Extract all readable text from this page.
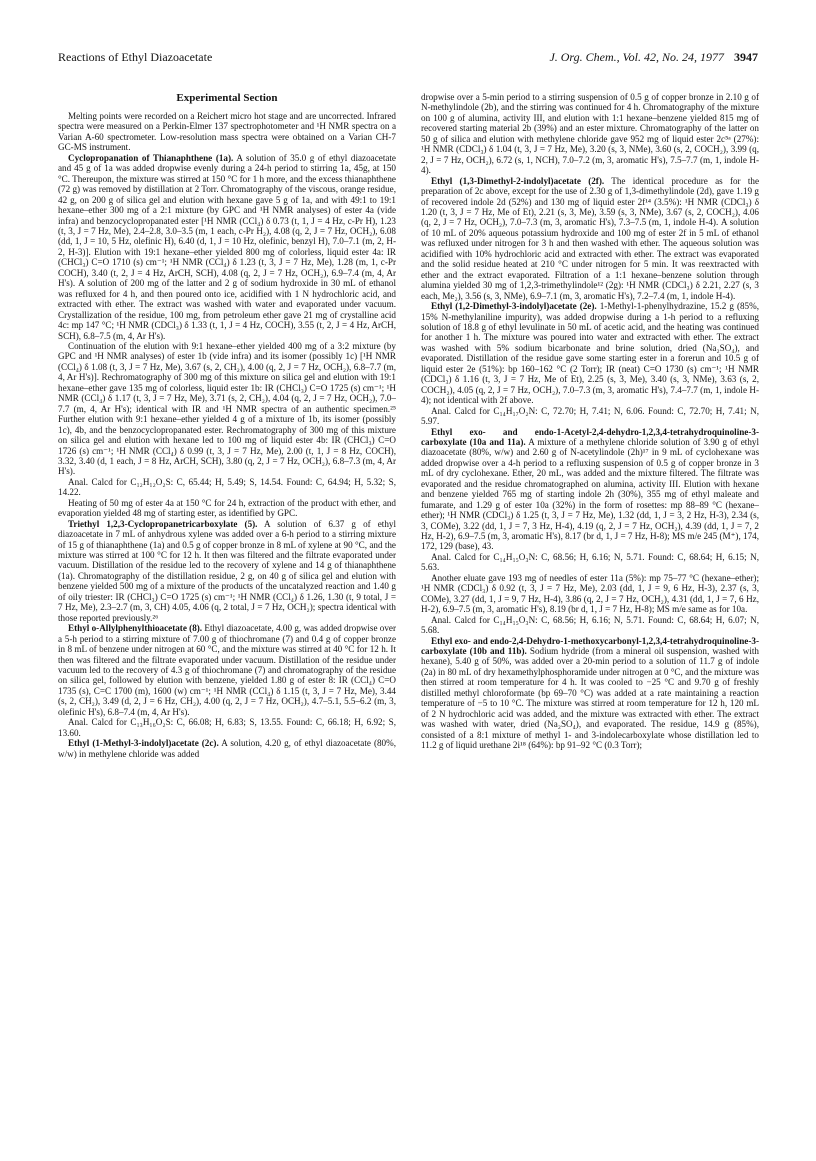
Reactions of Ethyl Diazoacetate	J. Org. Chem., Vol. 42, No. 24, 1977 3947
Experimental Section

Melting points were recorded on a Reichert micro hot stage and are uncorrected. Infrared spectra were measured on a Perkin-Elmer 137 spectrophotometer and ¹H NMR spectra on a Varian A-60 spectrometer. Low-resolution mass spectra were obtained on a Varian CH-7 GC-MS instrument.

Cyclopropanation of Thianaphthene (1a). A solution of 35.0 g of ethyl diazoacetate and 45 g of 1a was added dropwise evenly during a 24-h period to stirring 1a, 45g, at 150 °C. Thereupon, the mixture was stirred at 150 °C for 1 h more, and the excess thianaphthene (72 g) was removed by distillation at 2 Torr. Chromatography of the viscous, orange residue, 42 g, on 200 g of silica gel and elution with hexane gave 5 g of 1a, and with 49:1 to 19:1 hexane–ether 300 mg of a 2:1 mixture (by GPC and ¹H NMR analyses) of ester 4a (vide infra) and benzocyclopropanated ester [¹H NMR (CCl₄) δ 0.73 (t, 1, J = 4 Hz, c-Pr H), 1.23 (t, 3, J = 7 Hz, Me), 2.4–2.8, 3.0–3.5 (m, 1 each, c-Pr H₂), 4.08 (q, 2, J = 7 Hz, OCH₂), 6.08 (dd, 1, J = 10, 5 Hz, olefinic H), 6.40 (d, 1, J = 10 Hz, olefinic, benzyl H), 7.0–7.1 (m, 2, H-2, H-3)]. Elution with 19:1 hexane–ether yielded 800 mg of colorless, liquid ester 4a: IR (CHCl₃) C=O 1710 (s) cm⁻¹; ¹H NMR (CCl₄) δ 1.23 (t, 3, J = 7 Hz, Me), 1.28 (m, 1, c-Pr COCH), 3.40 (t, 2, J = 4 Hz, ArCH, SCH), 4.08 (q, 2, J = 7 Hz, OCH₂), 6.9–7.4 (m, 4, Ar H's). A solution of 200 mg of the latter and 2 g of sodium hydroxide in 30 mL of ethanol was refluxed for 4 h, and then poured onto ice, acidified with 1 N hydrochloric acid, and extracted with ether. The extract was washed with water and evaporated under vacuum. Crystallization of the residue, 100 mg, from petroleum ether gave 21 mg of crystalline acid 4c: mp 147 °C; ¹H NMR (CDCl₃) δ 1.33 (t, 1, J = 4 Hz, COCH), 3.55 (t, 2, J = 4 Hz, ArCH, SCH), 6.8–7.5 (m, 4, Ar H's).

Continuation of the elution with 9:1 hexane–ether yielded 400 mg of a 3:2 mixture (by GPC and ¹H NMR analyses) of ester 1b (vide infra) and its isomer (possibly 1c) [¹H NMR (CCl₄) δ 1.08 (t, 3, J = 7 Hz, Me), 3.67 (s, 2, CH₂), 4.00 (q, 2, J = 7 Hz, OCH₂), 6.8–7.7 (m, 4, Ar H's)]. Rechromatography of 300 mg of this mixture on silica gel and elution with 19:1 hexane–ether gave 135 mg of colorless, liquid ester 1b: IR (CHCl₃) C=O 1725 (s) cm⁻¹; ¹H NMR (CCl₄) δ 1.17 (t, 3, J = 7 Hz, Me), 3.71 (s, 2, CH₂), 4.04 (q, 2, J = 7 Hz, OCH₂), 7.0–7.7 (m, 4, Ar H's); identical with IR and ¹H NMR spectra of an authentic specimen.²⁵ Further elution with 9:1 hexane–ether yielded 4 g of a mixture of 1b, its isomer (possibly 1c), 4b, and the benzocyclopropanated ester. Rechromatography of 300 mg of this mixture on silica gel and elution with hexane led to 100 mg of liquid ester 4b: IR (CHCl₃) C=O 1726 (s) cm⁻¹; ¹H NMR (CCl₄) δ 0.99 (t, 3, J = 7 Hz, Me), 2.00 (t, 1, J = 8 Hz, COCH), 3.32, 3.40 (d, 1 each, J = 8 Hz, ArCH, SCH), 3.80 (q, 2, J = 7 Hz, OCH₂), 6.8–7.3 (m, 4, Ar H's).

Anal. Calcd for C₁₂H₁₂O₂S: C, 65.44; H, 5.49; S, 14.54. Found: C, 64.94; H, 5.32; S, 14.22.

Heating of 50 mg of ester 4a at 150 °C for 24 h, extraction of the product with ether, and evaporation yielded 48 mg of starting ester, as identified by GPC.

Triethyl 1,2,3-Cyclopropanetricarboxylate (5). A solution of 6.37 g of ethyl diazoacetate in 7 mL of anhydrous xylene was added over a 6-h period to a stirring mixture of 15 g of thianaphthene (1a) and 0.5 g of copper bronze in 8 mL of xylene at 90 °C, and the mixture was stirred at 100 °C for 12 h. It then was filtered and the filtrate evaporated under vacuum. Distillation of the residue led to the recovery of xylene and 14 g of thianaphthene (1a). Chromatography of the distillation residue, 2 g, on 40 g of silica gel and elution with benzene yielded 500 mg of a mixture of the products of the uncatalyzed reaction and 1.40 g of oily triester: IR (CHCl₃) C=O 1725 (s) cm⁻¹; ¹H NMR (CCl₄) δ 1.26, 1.30 (t, 9 total, J = 7 Hz, Me), 2.3–2.7 (m, 3, CH) 4.05, 4.06 (q, 2 total, J = 7 Hz, OCH₂); spectra identical with those reported previously.²⁶

Ethyl o-Allylphenylthioacetate (8). Ethyl diazoacetate, 4.00 g, was added dropwise over a 5-h period to a stirring mixture of 7.00 g of thiochromane (7) and 0.4 g of copper bronze in 8 mL of benzene under nitrogen at 60 °C, and the mixture was stirred at 40 °C for 12 h. It then was filtered and the filtrate evaporated under vacuum. Distillation of the residue under vacuum led to the recovery of 4.3 g of thiochromane (7) and chromatography of the residue on silica gel, followed by elution with benzene, yielded 1.80 g of ester 8: IR (CCl₄) C=O 1735 (s), C=C 1700 (m), 1600 (w) cm⁻¹; ¹H NMR (CCl₄) δ 1.15 (t, 3, J = 7 Hz, Me), 3.44 (s, 2, CH₂), 3.49 (d, 2, J = 6 Hz, CH₂), 4.00 (q, 2, J = 7 Hz, OCH₂), 4.7–5.1, 5.5–6.2 (m, 3, olefinic H's), 6.8–7.4 (m, 4, Ar H's).

Anal. Calcd for C₁₃H₁₆O₂S: C, 66.08; H, 6.83; S, 13.55. Found: C, 66.18; H, 6.92; S, 13.60.

Ethyl (1-Methyl-3-indolyl)acetate (2c). A solution, 4.20 g, of ethyl diazoacetate (80%, w/w) in methylene chloride was added

dropwise over a 5-min period to a stirring suspension of 0.5 g of copper bronze in 2.10 g of N-methylindole (2b), and the stirring was continued for 4 h. Chromatography of the mixture on 100 g of alumina, activity III, and elution with 1:1 hexane–benzene yielded 815 mg of recovered starting material 2b (39%) and an ester mixture. Chromatography of the latter on 50 g of silica and elution with methylene chloride gave 952 mg of liquid ester 2c⁵ᵃ (27%): ¹H NMR (CDCl₃) δ 1.04 (t, 3, J = 7 Hz, Me), 3.20 (s, 3, NMe), 3.60 (s, 2, COCH₂), 3.99 (q, 2, J = 7 Hz, OCH₂), 6.72 (s, 1, NCH), 7.0–7.2 (m, 3, aromatic H's), 7.5–7.7 (m, 1, indole H-4).

Ethyl (1,3-Dimethyl-2-indolyl)acetate (2f). The identical procedure as for the preparation of 2c above, except for the use of 2.30 g of 1,3-dimethylindole (2d), gave 1.19 g of recovered indole 2d (52%) and 130 mg of liquid ester 2f¹⁴ (3.5%): ¹H NMR (CDCl₃) δ 1.20 (t, 3, J = 7 Hz, Me of Et), 2.21 (s, 3, Me), 3.59 (s, 3, NMe), 3.67 (s, 2, COCH₂), 4.06 (q, 2, J = 7 Hz, OCH₂), 7.0–7.3 (m, 3, aromatic H's), 7.3–7.5 (m, 1, indole H-4). A solution of 10 mL of 20% aqueous potassium hydroxide and 100 mg of ester 2f in 5 mL of ethanol was refluxed under nitrogen for 3 h and then washed with ether. The aqueous solution was acidified with 10% hydrochloric acid and extracted with ether. The extract was evaporated and the solid residue heated at 210 °C under nitrogen for 5 min. It was reextracted with ether and the extract evaporated. Filtration of a 1:1 hexane–benzene solution through alumina yielded 30 mg of 1,2,3-trimethylindole¹² (2g): ¹H NMR (CDCl₃) δ 2.21, 2.27 (s, 3 each, Me₂), 3.56 (s, 3, NMe), 6.9–7.1 (m, 3, aromatic H's), 7.2–7.4 (m, 1, indole H-4).

Ethyl (1,2-Dimethyl-3-indolyl)acetate (2e). 1-Methyl-1-phenylhydrazine, 15.2 g (85%, 15% N-methylaniline impurity), was added dropwise during a 1-h period to a refluxing solution of 18.8 g of ethyl levulinate in 50 mL of acetic acid, and the heating was continued for another 1 h. The mixture was poured into water and extracted with ether. The extract was washed with 5% sodium bicarbonate and brine solution, dried (Na₂SO₄), and evaporated. Distillation of the residue gave some starting ester in a forerun and 10.5 g of liquid ester 2e (51%): bp 160–162 °C (2 Torr); IR (neat) C=O 1730 (s) cm⁻¹; ¹H NMR (CDCl₃) δ 1.16 (t, 3, J = 7 Hz, Me of Et), 2.25 (s, 3, Me), 3.40 (s, 3, NMe), 3.63 (s, 2, COCH₂), 4.05 (q, 2, J = 7 Hz, OCH₂), 7.0–7.3 (m, 3, aromatic H's), 7.4–7.7 (m, 1, indole H-4); not identical with 2f above.

Anal. Calcd for C₁₄H₁₇O₂N: C, 72.70; H, 7.41; N, 6.06. Found: C, 72.70; H, 7.41; N, 5.97.

Ethyl exo- and endo-1-Acetyl-2,4-dehydro-1,2,3,4-tetrahydroquinoline-3-carboxylate (10a and 11a). A mixture of a methylene chloride solution of 3.90 g of ethyl diazoacetate (80%, w/w) and 2.60 g of N-acetylindole (2h)¹⁷ in 9 mL of cyclohexane was added dropwise over a 4-h period to a refluxing suspension of 0.5 g of copper bronze in 3 mL of dry cyclohexane. Ether, 20 mL, was added and the mixture filtered. The filtrate was evaporated and the residue chromatographed on alumina, activity III. Elution with hexane and benzene yielded 765 mg of starting indole 2h (30%), 355 mg of ethyl maleate and fumarate, and 1.29 g of ester 10a (32%) in the form of rosettes: mp 88–89 °C (hexane–ether); ¹H NMR (CDCl₃) δ 1.25 (t, 3, J = 7 Hz, Me), 1.32 (dd, 1, J = 3, 2 Hz, H-3), 2.34 (s, 3, COMe), 3.22 (dd, 1, J = 7, 3 Hz, H-4), 4.19 (q, 2, J = 7 Hz, OCH₂), 4.39 (dd, 1, J = 7, 2 Hz, H-2), 6.9–7.5 (m, 3, aromatic H's), 8.17 (br d, 1, J = 7 Hz, H-8); MS m/e 245 (M⁺), 174, 172, 129 (base), 43.

Anal. Calcd for C₁₄H₁₅O₃N: C, 68.56; H, 6.16; N, 5.71. Found: C, 68.64; H, 6.15; N, 5.63.

Another eluate gave 193 mg of needles of ester 11a (5%): mp 75–77 °C (hexane–ether); ¹H NMR (CDCl₃) δ 0.92 (t, 3, J = 7 Hz, Me), 2.03 (dd, 1, J = 9, 6 Hz, H-3), 2.37 (s, 3, COMe), 3.27 (dd, 1, J = 9, 7 Hz, H-4), 3.86 (q, 2, J = 7 Hz, OCH₂), 4.31 (dd, 1, J = 7, 6 Hz, H-2), 6.9–7.5 (m, 3, aromatic H's), 8.19 (br d, 1, J = 7 Hz, H-8); MS m/e same as for 10a.

Anal. Calcd for C₁₄H₁₅O₃N: C, 68.56; H, 6.16; N, 5.71. Found: C, 68.64; H, 6.07; N, 5.68.

Ethyl exo- and endo-2,4-Dehydro-1-methoxycarbonyl-1,2,3,4-tetrahydroquinoline-3-carboxylate (10b and 11b). Sodium hydride (from a mineral oil suspension, washed with hexane), 5.40 g of 50%, was added over a 20-min period to a solution of 11.7 g of indole (2a) in 80 mL of dry hexamethylphosphoramide under nitrogen at 0 °C, and the mixture was then stirred at room temperature for 4 h. It was cooled to −25 °C and 9.70 g of freshly distilled methyl chloroformate (bp 69–70 °C) was added at a rate maintaining a reaction temperature of −5 to 10 °C. The mixture was stirred at room temperature for 12 h, 120 mL of 2 N hydrochloric acid was added, and the mixture was extracted with ether. The extract was washed with water, dried (Na₂SO₄), and evaporated. The residue, 14.9 g (85%), consisted of a 8:1 mixture of methyl 1- and 3-indolecarboxylate whose distillation led to 11.2 g of liquid urethane 2i¹⁸ (64%): bp 91–92 °C (0.3 Torr);
